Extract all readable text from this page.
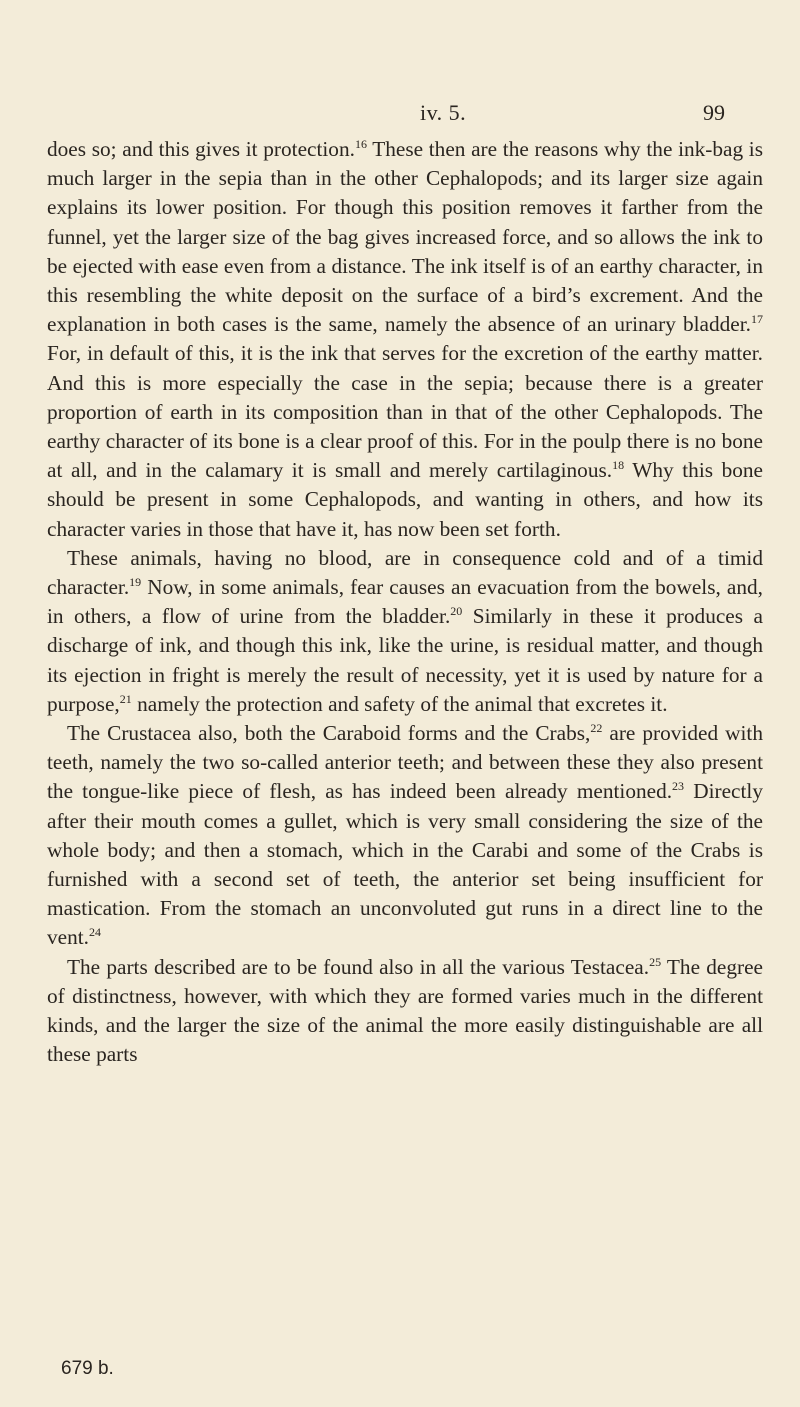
iv. 5.	99

does so; and this gives it protection.$^{16}$ These then are the reasons why the ink-bag is much larger in the sepia than in the other Cephalopods; and its larger size again explains its lower position. For though this position removes it farther from the funnel, yet the larger size of the bag gives increased force, and so allows the ink to be ejected with ease even from a distance. The ink itself is of an earthy character, in this resembling the white deposit on the surface of a bird’s excrement. And the explanation in both cases is the same, namely the absence of an urinary bladder.$^{17}$ For, in default of this, it is the ink that serves for the excretion of the earthy matter. And this is more especially the case in the sepia; because there is a greater proportion of earth in its composition than in that of the other Cephalopods. The earthy character of its bone is a clear proof of this. For in the poulp there is no bone at all, and in the calamary it is small and merely cartilaginous.$^{18}$ Why this bone should be present in some Cephalopods, and wanting in others, and how its character varies in those that have it, has now been set forth.

These animals, having no blood, are in consequence cold and of a timid character.$^{19}$ Now, in some animals, fear causes an evacuation from the bowels, and, in others, a flow of urine from the bladder.$^{20}$ Similarly in these it produces a discharge of ink, and though this ink, like the urine, is residual matter, and though its ejection in fright is merely the result of necessity, yet it is used by nature for a purpose,$^{21}$ namely the protection and safety of the animal that excretes it.

The Crustacea also, both the Caraboid forms and the Crabs,$^{22}$ are provided with teeth, namely the two so-called anterior teeth; and between these they also present the tongue-like piece of flesh, as has indeed been already mentioned.$^{23}$ Directly after their mouth comes a gullet, which is very small considering the size of the whole body; and then a stomach, which in the Carabi and some of the Crabs is furnished with a second set of teeth, the anterior set being insufficient for mastication. From the stomach an unconvoluted gut runs in a direct line to the vent.$^{24}$

The parts described are to be found also in all the various Testacea.$^{25}$ The degree of distinctness, however, with which they are formed varies much in the different kinds, and the larger the size of the animal the more easily distinguishable are all these parts

679 b.
